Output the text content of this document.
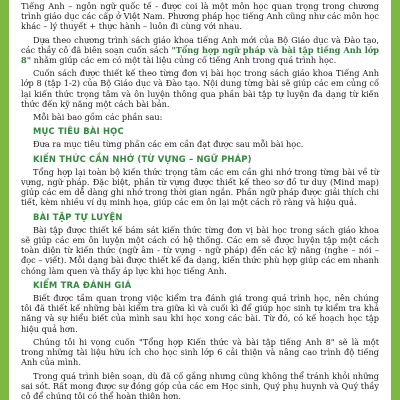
Tiếng Anh – ngôn ngữ quốc tế - được coi là một môn học quan trọng trong chương trình giáo dục các cấp ở Việt Nam. Phương pháp học tiếng Anh cũng như các môn học khác – lý thuyết + thực hành – luôn đi cùng với nhau.

Dựa theo chương trình sách giáo khoa tiếng Anh mới của Bộ Giáo dục và Đào tạo, các thầy cô đã biên soạn cuốn sách "Tổng hợp ngữ pháp và bài tập tiếng Anh lớp 8" nhằm giúp các em có một tài liệu củng cố tiếng Anh trong quá trình học.

Cuốn sách được thiết kế theo từng đơn vị bài học trong sách giáo khoa Tiếng Anh lớp 8 (tập 1-2) của Bộ Giáo dục và Đào tạo. Nội dung từng bài sẽ giúp các em củng cố lại kiến thức trọng tâm và ôn luyện thông qua phần bài tập tự luyện đa dạng từ kiến thức đến kỹ năng một cách bài bản.

Mỗi bài bao gồm các phần sau:

MỤC TIÊU BÀI HỌC

Đưa ra mục tiêu từng phần các em cần đạt được sau mỗi bài học.

KIẾN THỨC CẦN NHỚ (TỪ VỰNG – NGỮ PHÁP)

Tổng hợp lại toàn bộ kiến thức trọng tâm các em cần ghi nhớ trong từng bài về từ vựng, ngữ pháp. Đặc biệt, phần từ vựng được thiết kế theo sơ đồ tư duy (Mind map) giúp các em dễ dàng ghi nhớ trong thời gian ngắn. Phần ngữ pháp được giải thích chi tiết, kèm nhiều ví dụ minh họa, giúp các em ôn lại một cách rõ ràng và hiệu quả.

BÀI TẬP TỰ LUYỆN

Bài tập được thiết kế bám sát kiến thức từng đơn vị bài học trong sách giáo khoa sẽ giúp các em ôn luyện một cách có hệ thống. Các em sẽ được luyện tập một cách toàn diện từ kiến thức (ngữ âm - từ vựng - ngữ pháp) đến các kỹ năng (nghe – nói – đọc – viết). Mỗi dạng bài được thiết kế đa dạng, kiến thức phù hợp giúp các em nhanh chóng làm quen và thấy áp lực khi học tiếng Anh.

KIỂM TRA ĐÁNH GIÁ

Biết được tầm quan trọng việc kiểm tra đánh giá trong quá trình học, nên chúng tôi đã thiết kế những bài kiểm tra giữa kì và cuối kì để giúp học sinh tự kiểm tra khả năng và sự hiểu biết của mình sau khi học xong các bài. Từ đó, có kế hoạch học tập hiệu quả hơn.

Chúng tôi hi vọng cuốn "Tổng hợp Kiến thức và bài tập tiếng Anh 8" sẽ là một trong những tài liệu hữu ích cho học sinh lớp 6 cải thiện và nâng cao trình độ tiếng Anh của mình.

Trong quá trình biên soạn, dù đã cố gắng nhưng cũng không thể tránh khỏi những sai sót. Rất mong được sự đóng góp của các em Học sinh, Quý phụ huynh và Quý thầy cô để chúng tôi có thể hoàn thiện hơn.
